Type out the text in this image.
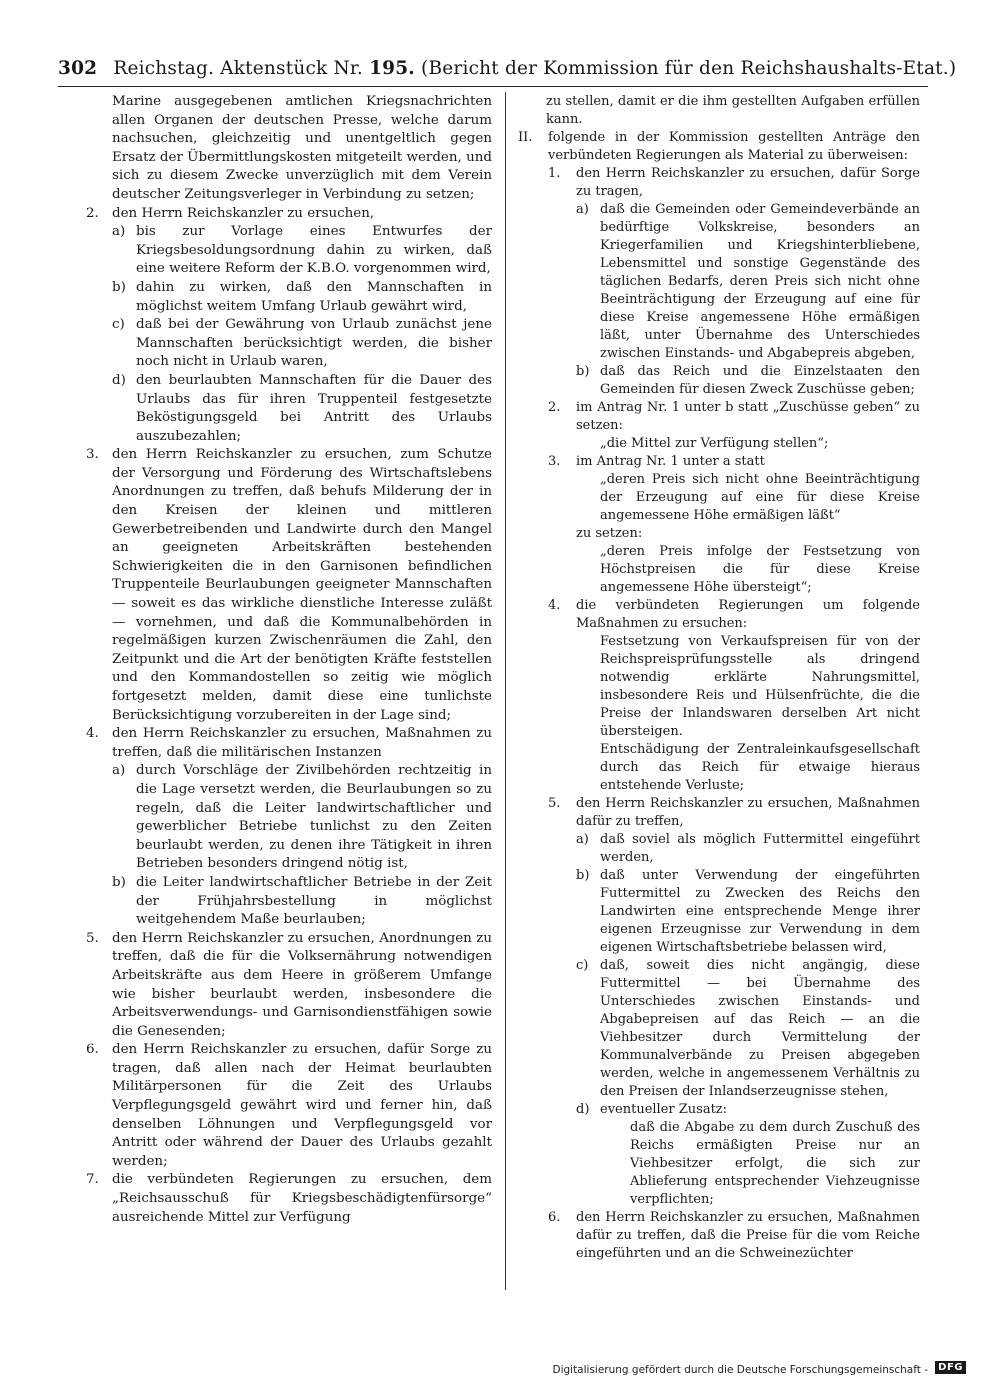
302 Reichstag. Aktenstück Nr. 195. (Bericht der Kommission für den Reichshaushalts-Etat.)

Marine ausgegebenen amtlichen Kriegsnachrichten allen Organen der deutschen Presse, welche darum nachsuchen, gleichzeitig und unentgeltlich gegen Ersatz der Übermittlungskosten mitgeteilt werden, und sich zu diesem Zwecke unverzüglich mit dem Verein deutscher Zeitungsverleger in Verbindung zu setzen;

2. den Herrn Reichskanzler zu ersuchen,

a) bis zur Vorlage eines Entwurfes der Kriegsbesoldungsordnung dahin zu wirken, daß eine weitere Reform der K.B.O. vorgenommen wird,

b) dahin zu wirken, daß den Mannschaften in möglichst weitem Umfang Urlaub gewährt wird,

c) daß bei der Gewährung von Urlaub zunächst jene Mannschaften berücksichtigt werden, die bisher noch nicht in Urlaub waren,

d) den beurlaubten Mannschaften für die Dauer des Urlaubs das für ihren Truppenteil festgesetzte Beköstigungsgeld bei Antritt des Urlaubs auszubezahlen;

3. den Herrn Reichskanzler zu ersuchen, zum Schutze der Versorgung und Förderung des Wirtschaftslebens Anordnungen zu treffen, daß behufs Milderung der in den Kreisen der kleinen und mittleren Gewerbetreibenden und Landwirte durch den Mangel an geeigneten Arbeitskräften bestehenden Schwierigkeiten die in den Garnisonen befindlichen Truppenteile Beurlaubungen geeigneter Mannschaften — soweit es das wirkliche dienstliche Interesse zuläßt — vornehmen, und daß die Kommunalbehörden in regelmäßigen kurzen Zwischenräumen die Zahl, den Zeitpunkt und die Art der benötigten Kräfte feststellen und den Kommandostellen so zeitig wie möglich fortgesetzt melden, damit diese eine tunlichste Berücksichtigung vorzubereiten in der Lage sind;

4. den Herrn Reichskanzler zu ersuchen, Maßnahmen zu treffen, daß die militärischen Instanzen

a) durch Vorschläge der Zivilbehörden rechtzeitig in die Lage versetzt werden, die Beurlaubungen so zu regeln, daß die Leiter landwirtschaftlicher und gewerblicher Betriebe tunlichst zu den Zeiten beurlaubt werden, zu denen ihre Tätigkeit in ihren Betrieben besonders dringend nötig ist,

b) die Leiter landwirtschaftlicher Betriebe in der Zeit der Frühjahrsbestellung in möglichst weitgehendem Maße beurlauben;

5. den Herrn Reichskanzler zu ersuchen, Anordnungen zu treffen, daß die für die Volksernährung notwendigen Arbeitskräfte aus dem Heere in größerem Umfange wie bisher beurlaubt werden, insbesondere die Arbeitsverwendungs- und Garnisondienstfähigen sowie die Genesenden;

6. den Herrn Reichskanzler zu ersuchen, dafür Sorge zu tragen, daß allen nach der Heimat beurlaubten Militärpersonen für die Zeit des Urlaubs Verpflegungsgeld gewährt wird und ferner hin, daß denselben Löhnungen und Verpflegungsgeld vor Antritt oder während der Dauer des Urlaubs gezahlt werden;

7. die verbündeten Regierungen zu ersuchen, dem „Reichsausschuß für Kriegsbeschädigtenfürsorge“ ausreichende Mittel zur Verfügung

zu stellen, damit er die ihm gestellten Aufgaben erfüllen kann.

II. folgende in der Kommission gestellten Anträge den verbündeten Regierungen als Material zu überweisen:

1. den Herrn Reichskanzler zu ersuchen, dafür Sorge zu tragen,

a) daß die Gemeinden oder Gemeindeverbände an bedürftige Volkskreise, besonders an Kriegerfamilien und Kriegshinterbliebene, Lebensmittel und sonstige Gegenstände des täglichen Bedarfs, deren Preis sich nicht ohne Beeinträchtigung der Erzeugung auf eine für diese Kreise angemessene Höhe ermäßigen läßt, unter Übernahme des Unterschiedes zwischen Einstands- und Abgabepreis abgeben,

b) daß das Reich und die Einzelstaaten den Gemeinden für diesen Zweck Zuschüsse geben;

2. im Antrag Nr. 1 unter b statt „Zuschüsse geben“ zu setzen:

„die Mittel zur Verfügung stellen“;

3. im Antrag Nr. 1 unter a statt

„deren Preis sich nicht ohne Beeinträchtigung der Erzeugung auf eine für diese Kreise angemessene Höhe ermäßigen läßt“

zu setzen:

„deren Preis infolge der Festsetzung von Höchstpreisen die für diese Kreise angemessene Höhe übersteigt“;

4. die verbündeten Regierungen um folgende Maßnahmen zu ersuchen:

Festsetzung von Verkaufspreisen für von der Reichspreisprüfungsstelle als dringend notwendig erklärte Nahrungsmittel, insbesondere Reis und Hülsenfrüchte, die die Preise der Inlandswaren derselben Art nicht übersteigen.

Entschädigung der Zentraleinkaufsgesellschaft durch das Reich für etwaige hieraus entstehende Verluste;

5. den Herrn Reichskanzler zu ersuchen, Maßnahmen dafür zu treffen,

a) daß soviel als möglich Futtermittel eingeführt werden,

b) daß unter Verwendung der eingeführten Futtermittel zu Zwecken des Reichs den Landwirten eine entsprechende Menge ihrer eigenen Erzeugnisse zur Verwendung in dem eigenen Wirtschaftsbetriebe belassen wird,

c) daß, soweit dies nicht angängig, diese Futtermittel — bei Übernahme des Unterschiedes zwischen Einstands- und Abgabepreisen auf das Reich — an die Viehbesitzer durch Vermittelung der Kommunalverbände zu Preisen abgegeben werden, welche in angemessenem Verhältnis zu den Preisen der Inlandserzeugnisse stehen,

d) eventueller Zusatz:

daß die Abgabe zu dem durch Zuschuß des Reichs ermäßigten Preise nur an Viehbesitzer erfolgt, die sich zur Ablieferung entsprechender Viehzeugnisse verpflichten;

6. den Herrn Reichskanzler zu ersuchen, Maßnahmen dafür zu treffen, daß die Preise für die vom Reiche eingeführten und an die Schweinezüchter

Digitalisierung gefördert durch die Deutsche Forschungsgemeinschaft -	DFG
